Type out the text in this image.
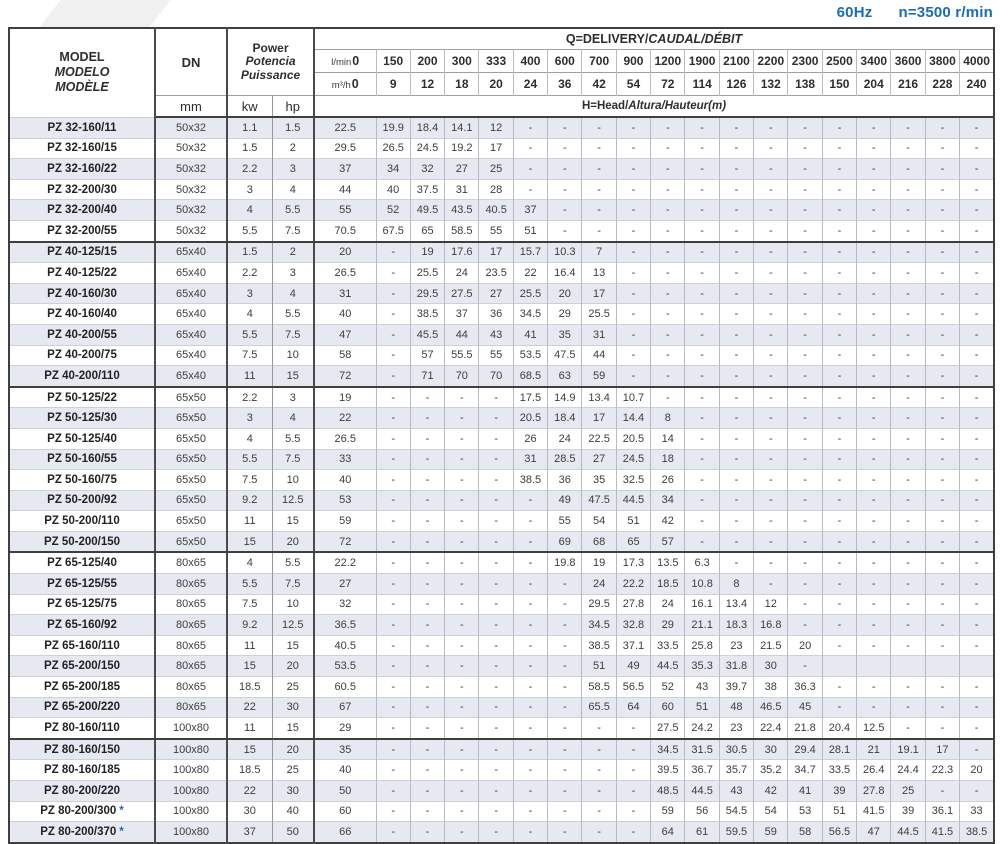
60Hz n=3500 r/min
MODEL
MODELO
MODÈLE
	DN	
Power
Potencia
Puissance
	Q=DELIVERY/CAUDAL/DÉBIT
				l/min0	150	200	300	333	400	600	700	900	1200	1900	2100	2200	2300	2500	3400	3600	3800	4000
				m³/h0	9	12	18	20	24	36	42	54	72	114	126	132	138	150	204	216	228	240
	mm	kw	hp	H=Head/Altura/Hauteur(m)																		
PZ 32-160/11	50x32	1.1	1.5	22.5	19.9	18.4	14.1	12	-	-	-	-	-	-	-	-	-	-	-	-	-	-
PZ 32-160/15	50x32	1.5	2	29.5	26.5	24.5	19.2	17	-	-	-	-	-	-	-	-	-	-	-	-	-	-
PZ 32-160/22	50x32	2.2	3	37	34	32	27	25	-	-	-	-	-	-	-	-	-	-	-	-	-	-
PZ 32-200/30	50x32	3	4	44	40	37.5	31	28	-	-	-	-	-	-	-	-	-	-	-	-	-	-
PZ 32-200/40	50x32	4	5.5	55	52	49.5	43.5	40.5	37	-	-	-	-	-	-	-	-	-	-	-	-	-
PZ 32-200/55	50x32	5.5	7.5	70.5	67.5	65	58.5	55	51	-	-	-	-	-	-	-	-	-	-	-	-	-
PZ 40-125/15	65x40	1.5	2	20	-	19	17.6	17	15.7	10.3	7	-	-	-	-	-	-	-	-	-	-	-
PZ 40-125/22	65x40	2.2	3	26.5	-	25.5	24	23.5	22	16.4	13	-	-	-	-	-	-	-	-	-	-	-
PZ 40-160/30	65x40	3	4	31	-	29.5	27.5	27	25.5	20	17	-	-	-	-	-	-	-	-	-	-	-
PZ 40-160/40	65x40	4	5.5	40	-	38.5	37	36	34.5	29	25.5	-	-	-	-	-	-	-	-	-	-	-
PZ 40-200/55	65x40	5.5	7.5	47	-	45.5	44	43	41	35	31	-	-	-	-	-	-	-	-	-	-	-
PZ 40-200/75	65x40	7.5	10	58	-	57	55.5	55	53.5	47.5	44	-	-	-	-	-	-	-	-	-	-	-
PZ 40-200/110	65x40	11	15	72	-	71	70	70	68.5	63	59	-	-	-	-	-	-	-	-	-	-	-
PZ 50-125/22	65x50	2.2	3	19	-	-	-	-	17.5	14.9	13.4	10.7	-	-	-	-	-	-	-	-	-	-
PZ 50-125/30	65x50	3	4	22	-	-	-	-	20.5	18.4	17	14.4	8	-	-	-	-	-	-	-	-	-
PZ 50-125/40	65x50	4	5.5	26.5	-	-	-	-	26	24	22.5	20.5	14	-	-	-	-	-	-	-	-	-
PZ 50-160/55	65x50	5.5	7.5	33	-	-	-	-	31	28.5	27	24.5	18	-	-	-	-	-	-	-	-	-
PZ 50-160/75	65x50	7.5	10	40	-	-	-	-	38.5	36	35	32.5	26	-	-	-	-	-	-	-	-	-
PZ 50-200/92	65x50	9.2	12.5	53	-	-	-	-	-	49	47.5	44.5	34	-	-	-	-	-	-	-	-	-
PZ 50-200/110	65x50	11	15	59	-	-	-	-	-	55	54	51	42	-	-	-	-	-	-	-	-	-
PZ 50-200/150	65x50	15	20	72	-	-	-	-	-	69	68	65	57	-	-	-	-	-	-	-	-	-
PZ 65-125/40	80x65	4	5.5	22.2	-	-	-	-	-	19.8	19	17.3	13.5	6.3	-	-	-	-	-	-	-	-
PZ 65-125/55	80x65	5.5	7.5	27	-	-	-	-	-	-	24	22.2	18.5	10.8	8	-	-	-	-	-	-	-
PZ 65-125/75	80x65	7.5	10	32	-	-	-	-	-	-	29.5	27.8	24	16.1	13.4	12	-	-	-	-	-	-
PZ 65-160/92	80x65	9.2	12.5	36.5	-	-	-	-	-	-	34.5	32.8	29	21.1	18.3	16.8	-	-	-	-	-	-
PZ 65-160/110	80x65	11	15	40.5	-	-	-	-	-	-	38.5	37.1	33.5	25.8	23	21.5	20	-	-	-	-	-
PZ 65-200/150	80x65	15	20	53.5	-	-	-	-	-	-	51	49	44.5	35.3	31.8	30	-					
PZ 65-200/185	80x65	18.5	25	60.5	-	-	-	-	-	-	58.5	56.5	52	43	39.7	38	36.3	-	-	-	-	-
PZ 65-200/220	80x65	22	30	67	-	-	-	-	-	-	65.5	64	60	51	48	46.5	45	-	-	-	-	-
PZ 80-160/110	100x80	11	15	29	-	-	-	-	-	-	-	-	27.5	24.2	23	22.4	21.8	20.4	12.5	-	-	-
PZ 80-160/150	100x80	15	20	35	-	-	-	-	-	-	-	-	34.5	31.5	30.5	30	29.4	28.1	21	19.1	17	-
PZ 80-160/185	100x80	18.5	25	40	-	-	-	-	-	-	-	-	39.5	36.7	35.7	35.2	34.7	33.5	26.4	24.4	22.3	20
PZ 80-200/220	100x80	22	30	50	-	-	-	-	-	-	-	-	48.5	44.5	43	42	41	39	27.8	25	-	-
PZ 80-200/300 *	100x80	30	40	60	-	-	-	-	-	-	-	-	59	56	54.5	54	53	51	41.5	39	36.1	33
PZ 80-200/370 *	100x80	37	50	66	-	-	-	-	-	-	-	-	64	61	59.5	59	58	56.5	47	44.5	41.5	38.5
